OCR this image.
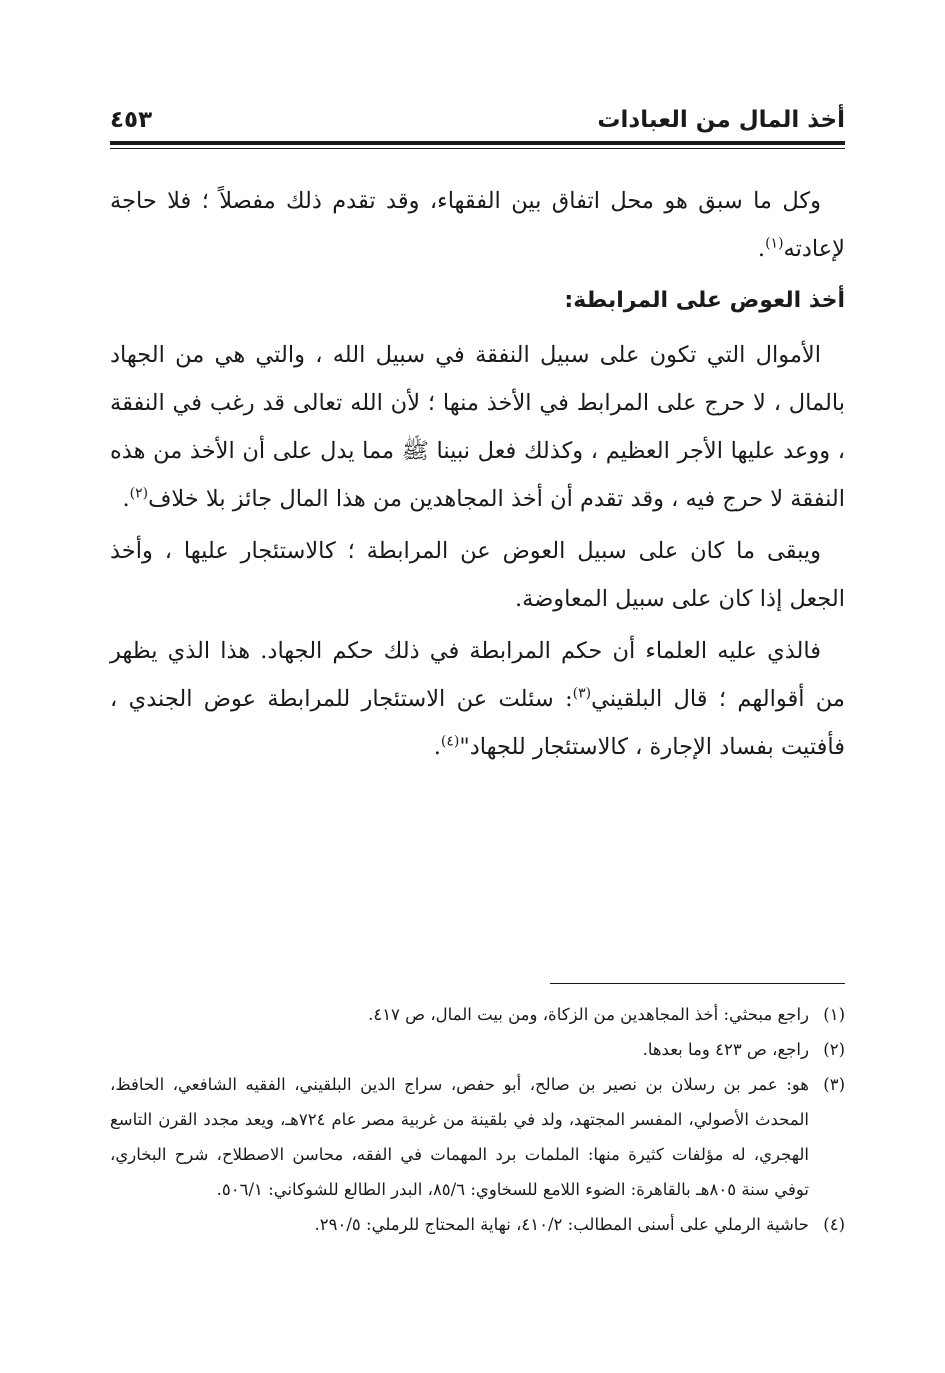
أخذ المال من العبادات
٤٥٣

وكل ما سبق هو محل اتفاق بين الفقهاء، وقد تقدم ذلك مفصلاً ؛ فلا حاجة لإعادته$^{(١)}$.

أخذ العوض على المرابطة:

الأموال التي تكون على سبيل النفقة في سبيل الله ، والتي هي من الجهاد بالمال ، لا حرج على المرابط في الأخذ منها ؛ لأن الله تعالى قد رغب في النفقة ، ووعد عليها الأجر العظيم ، وكذلك فعل نبينا ﷺ مما يدل على أن الأخذ من هذه النفقة لا حرج فيه ، وقد تقدم أن أخذ المجاهدين من هذا المال جائز بلا خلاف$^{(٢)}$.

ويبقى ما كان على سبيل العوض عن المرابطة ؛ كالاستئجار عليها ، وأخذ الجعل إذا كان على سبيل المعاوضة.

فالذي عليه العلماء أن حكم المرابطة في ذلك حكم الجهاد. هذا الذي يظهر من أقوالهم ؛ قال البلقيني$^{(٣)}$: سئلت عن الاستئجار للمرابطة عوض الجندي ، فأفتيت بفساد الإجارة ، كالاستئجار للجهاد"$^{(٤)}$.

(١)راجع مبحثي: أخذ المجاهدين من الزكاة، ومن بيت المال، ص ٤١٧.

(٢)راجع، ص ٤٢٣ وما بعدها.

(٣)هو: عمر بن رسلان بن نصير بن صالح، أبو حفص، سراج الدين البلقيني، الفقيه الشافعي، الحافظ، المحدث الأصولي، المفسر المجتهد، ولد في بلقينة من غربية مصر عام ٧٢٤هـ، ويعد مجدد القرن التاسع الهجري، له مؤلفات كثيرة منها: الملمات برد المهمات في الفقه، محاسن الاصطلاح، شرح البخاري، توفي سنة ٨٠٥هـ بالقاهرة: الضوء اللامع للسخاوي: ٨٥/٦، البدر الطالع للشوكاني: ٥٠٦/١.

(٤)حاشية الرملي على أسنى المطالب: ٤١٠/٢، نهاية المحتاج للرملي: ٢٩٠/٥.
